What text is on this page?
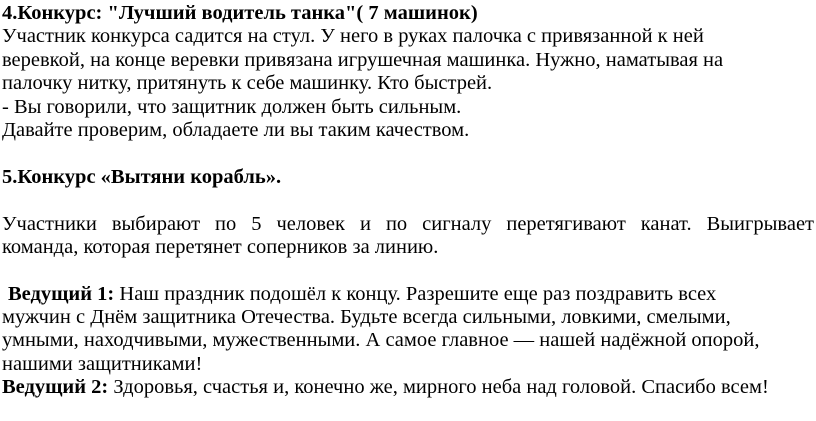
4.Конкурс: "Лучший водитель танка"( 7 машинок)
Участник конкурса садится на стул. У него в руках палочка с привязанной к ней
веревкой, на конце веревки привязана игрушечная машинка. Нужно, наматывая на
палочку нитку, притянуть к себе машинку. Кто быстрей.
- Вы говорили, что защитник должен быть сильным.
Давайте проверим, обладаете ли вы таким качеством.
5.Конкурс «Вытяни корабль».
Участники выбирают по 5 человек и по сигналу перетягивают канат. Выигрывает
команда, которая перетянет соперников за линию.
Ведущий 1: Наш праздник подошёл к концу. Разрешите еще раз поздравить всех
мужчин с Днём защитника Отечества. Будьте всегда сильными, ловкими, смелыми,
умными, находчивыми, мужественными. А самое главное — нашей надёжной опорой,
нашими защитниками!
Ведущий 2: Здоровья, счастья и, конечно же, мирного неба над головой. Спасибо всем!
